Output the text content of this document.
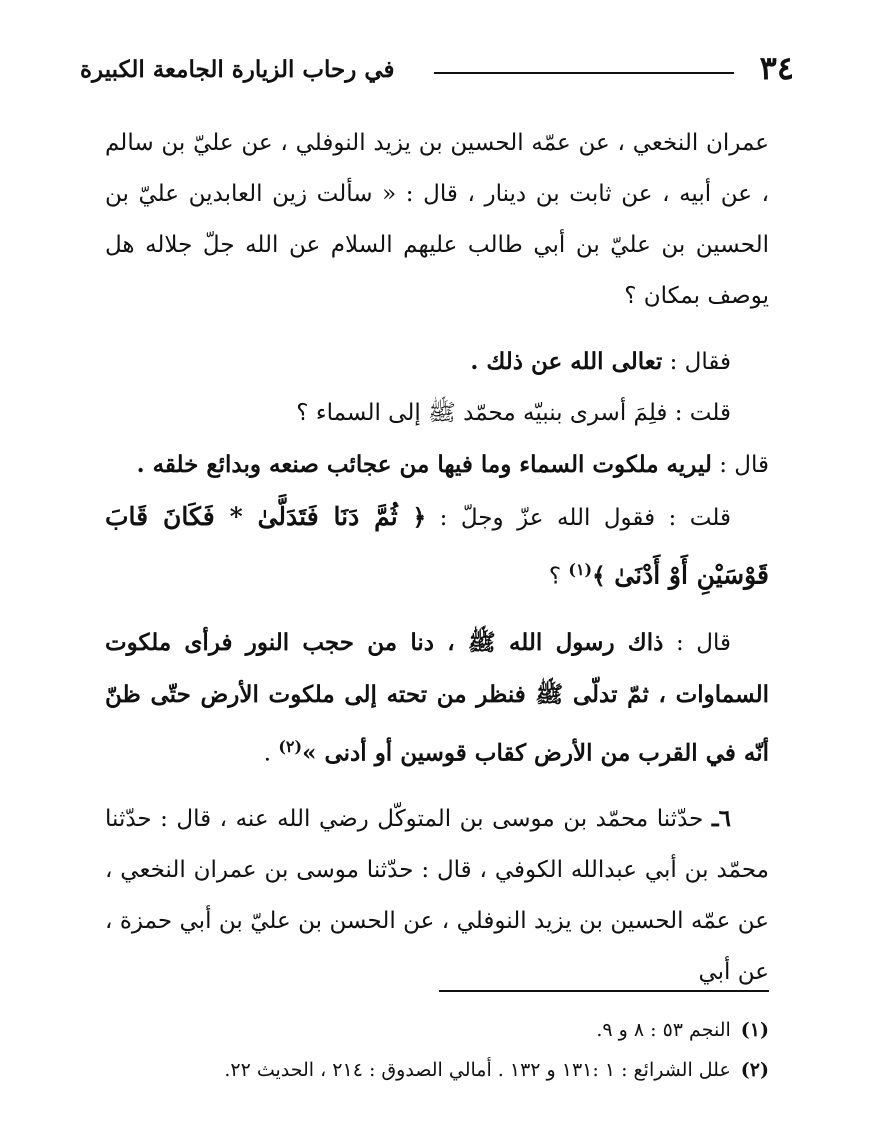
٣٤
في رحاب الزيارة الجامعة الكبيرة

عمران النخعي ، عن عمّه الحسين بن يزيد النوفلي ، عن عليّ بن سالم ، عن أبيه ، عن ثابت بن دينار ، قال : « سألت زين العابدين عليّ بن الحسين بن عليّ بن أبي طالب عليهم السلام عن الله جلّ جلاله هل يوصف بمكان ؟

فقال : تعالى الله عن ذلك .

قلت : فلِمَ أسرى بنبيّه محمّد ﷺ إلى السماء ؟

قال : ليريه ملكوت السماء وما فيها من عجائب صنعه وبدائع خلقه .

قلت : فقول الله عزّ وجلّ : ﴿ ثُمَّ دَنَا فَتَدَلَّىٰ * فَكَانَ قَابَ قَوْسَيْنِ أَوْ أَدْنَىٰ ﴾$^{(١)}$ ؟

قال : ذاك رسول الله ﷺ ، دنا من حجب النور فرأى ملكوت السماوات ، ثمّ تدلّى ﷺ فنظر من تحته إلى ملكوت الأرض حتّى ظنّ أنّه في القرب من الأرض كقاب قوسين أو أدنى »$^{(٢)}$ .

٦ـ حدّثنا محمّد بن موسى بن المتوكّل رضي الله عنه ، قال : حدّثنا محمّد بن أبي عبدالله الكوفي ، قال : حدّثنا موسى بن عمران النخعي ، عن عمّه الحسين بن يزيد النوفلي ، عن الحسن بن عليّ بن أبي حمزة ، عن أبي

(١)النجم ٥٣ : ٨ و ٩.

(٢)علل الشرائع : ١ :١٣١ و ١٣٢ . أمالي الصدوق : ٢١٤ ، الحديث ٢٢.
